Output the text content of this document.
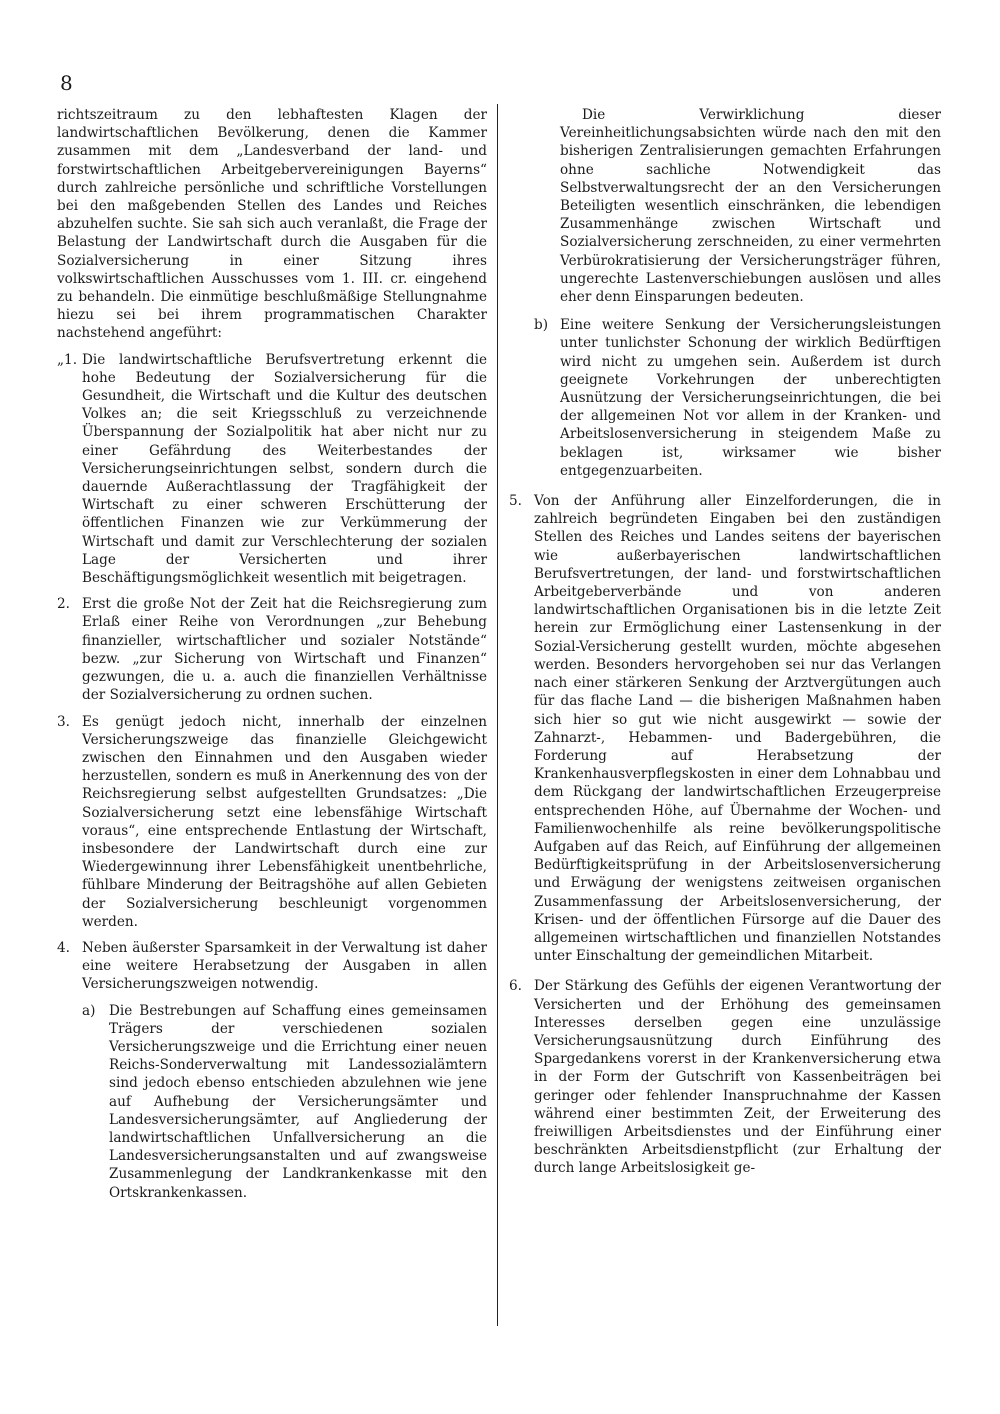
8

richtszeitraum zu den lebhaftesten Klagen der landwirtschaftlichen Bevölkerung, denen die Kammer zusammen mit dem „Landesverband der land- und forstwirtschaftlichen Arbeitgebervereinigungen Bayerns“ durch zahlreiche persönliche und schriftliche Vorstellungen bei den maßgebenden Stellen des Landes und Reiches abzuhelfen suchte. Sie sah sich auch veranlaßt, die Frage der Belastung der Landwirtschaft durch die Ausgaben für die Sozialversicherung in einer Sitzung ihres volkswirtschaftlichen Ausschusses vom 1. III. cr. eingehend zu behandeln. Die einmütige beschlußmäßige Stellungnahme hiezu sei bei ihrem programmatischen Charakter nachstehend angeführt:

„1. Die landwirtschaftliche Berufsvertretung erkennt die hohe Bedeutung der Sozialversicherung für die Gesundheit, die Wirtschaft und die Kultur des deutschen Volkes an; die seit Kriegsschluß zu verzeichnende Überspannung der Sozialpolitik hat aber nicht nur zu einer Gefährdung des Weiterbestandes der Versicherungseinrichtungen selbst, sondern durch die dauernde Außerachtlassung der Tragfähigkeit der Wirtschaft zu einer schweren Erschütterung der öffentlichen Finanzen wie zur Verkümmerung der Wirtschaft und damit zur Verschlechterung der sozialen Lage der Versicherten und ihrer Beschäftigungsmöglichkeit wesentlich mit beigetragen.

2. Erst die große Not der Zeit hat die Reichsregierung zum Erlaß einer Reihe von Verordnungen „zur Behebung finanzieller, wirtschaftlicher und sozialer Notstände“ bezw. „zur Sicherung von Wirtschaft und Finanzen“ gezwungen, die u. a. auch die finanziellen Verhältnisse der Sozialversicherung zu ordnen suchen.

3. Es genügt jedoch nicht, innerhalb der einzelnen Versicherungszweige das finanzielle Gleichgewicht zwischen den Einnahmen und den Ausgaben wieder herzustellen, sondern es muß in Anerkennung des von der Reichsregierung selbst aufgestellten Grundsatzes: „Die Sozialversicherung setzt eine lebensfähige Wirtschaft voraus“, eine entsprechende Entlastung der Wirtschaft, insbesondere der Landwirtschaft durch eine zur Wiedergewinnung ihrer Lebensfähigkeit unentbehrliche, fühlbare Minderung der Beitragshöhe auf allen Gebieten der Sozialversicherung beschleunigt vorgenommen werden.

4. Neben äußerster Sparsamkeit in der Verwaltung ist daher eine weitere Herabsetzung der Ausgaben in allen Versicherungszweigen notwendig.

a) Die Bestrebungen auf Schaffung eines gemeinsamen Trägers der verschiedenen sozialen Versicherungszweige und die Errichtung einer neuen Reichs-Sonderverwaltung mit Landessozialämtern sind jedoch ebenso entschieden abzulehnen wie jene auf Aufhebung der Versicherungsämter und Landesversicherungsämter, auf Angliederung der landwirtschaftlichen Unfallversicherung an die Landesversicherungsanstalten und auf zwangsweise Zusammenlegung der Landkrankenkasse mit den Ortskrankenkassen.

Die Verwirklichung dieser Vereinheitlichungsabsichten würde nach den mit den bisherigen Zentralisierungen gemachten Erfahrungen ohne sachliche Notwendigkeit das Selbstverwaltungsrecht der an den Versicherungen Beteiligten wesentlich einschränken, die lebendigen Zusammenhänge zwischen Wirtschaft und Sozialversicherung zerschneiden, zu einer vermehrten Verbürokratisierung der Versicherungsträger führen, ungerechte Lastenverschiebungen auslösen und alles eher denn Einsparungen bedeuten.

b) Eine weitere Senkung der Versicherungsleistungen unter tunlichster Schonung der wirklich Bedürftigen wird nicht zu umgehen sein. Außerdem ist durch geeignete Vorkehrungen der unberechtigten Ausnützung der Versicherungseinrichtungen, die bei der allgemeinen Not vor allem in der Kranken- und Arbeitslosenversicherung in steigendem Maße zu beklagen ist, wirksamer wie bisher entgegenzuarbeiten.

5. Von der Anführung aller Einzelforderungen, die in zahlreich begründeten Eingaben bei den zuständigen Stellen des Reiches und Landes seitens der bayerischen wie außerbayerischen landwirtschaftlichen Berufsvertretungen, der land- und forstwirtschaftlichen Arbeitgeberverbände und von anderen landwirtschaftlichen Organisationen bis in die letzte Zeit herein zur Ermöglichung einer Lastensenkung in der Sozial-Versicherung gestellt wurden, möchte abgesehen werden. Besonders hervorgehoben sei nur das Verlangen nach einer stärkeren Senkung der Arztvergütungen auch für das flache Land — die bisherigen Maßnahmen haben sich hier so gut wie nicht ausgewirkt — sowie der Zahnarzt-, Hebammen- und Badergebühren, die Forderung auf Herabsetzung der Krankenhausverpflegskosten in einer dem Lohnabbau und dem Rückgang der landwirtschaftlichen Erzeugerpreise entsprechenden Höhe, auf Übernahme der Wochen- und Familienwochenhilfe als reine bevölkerungspolitische Aufgaben auf das Reich, auf Einführung der allgemeinen Bedürftigkeitsprüfung in der Arbeitslosenversicherung und Erwägung der wenigstens zeitweisen organischen Zusammenfassung der Arbeitslosenversicherung, der Krisen- und der öffentlichen Fürsorge auf die Dauer des allgemeinen wirtschaftlichen und finanziellen Notstandes unter Einschaltung der gemeindlichen Mitarbeit.

6. Der Stärkung des Gefühls der eigenen Verantwortung der Versicherten und der Erhöhung des gemeinsamen Interesses derselben gegen eine unzulässige Versicherungsausnützung durch Einführung des Spargedankens vorerst in der Krankenversicherung etwa in der Form der Gutschrift von Kassenbeiträgen bei geringer oder fehlender Inanspruchnahme der Kassen während einer bestimmten Zeit, der Erweiterung des freiwilligen Arbeitsdienstes und der Einführung einer beschränkten Arbeitsdienstpflicht (zur Erhaltung der durch lange Arbeitslosigkeit ge-
